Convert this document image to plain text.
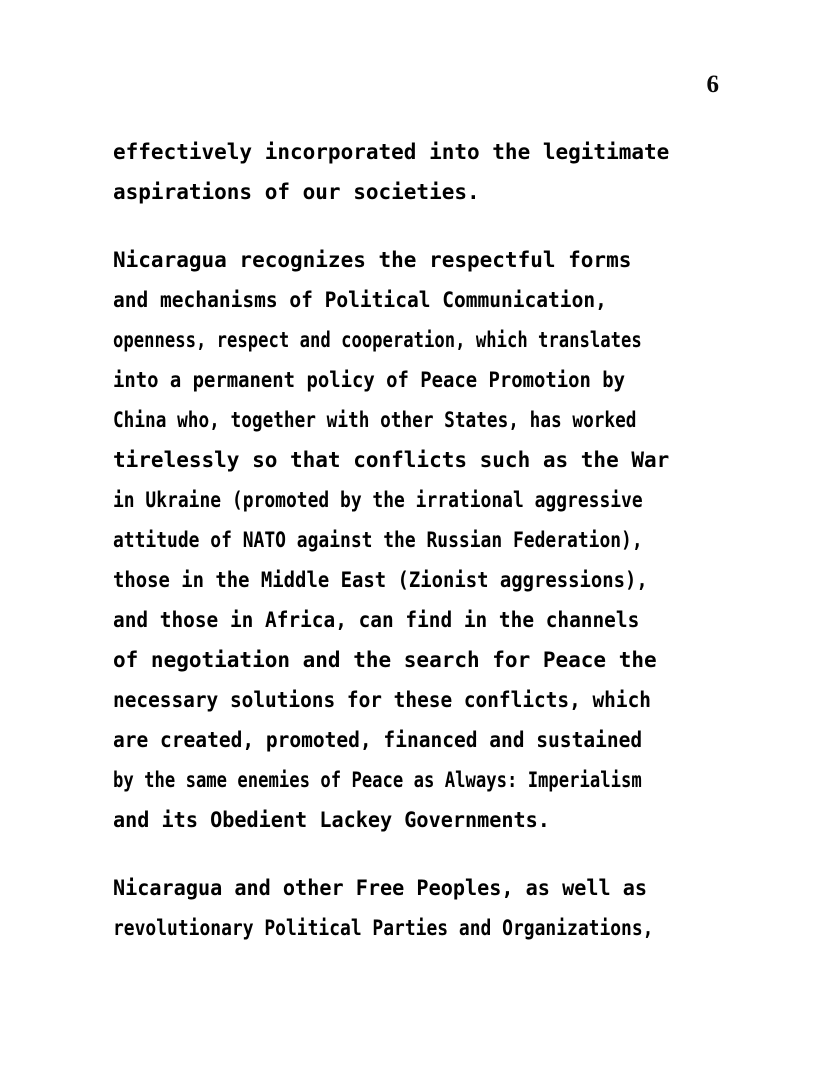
6
effectively incorporated into the legitimate
aspirations of our societies.
Nicaragua recognizes the respectful forms
and mechanisms of Political Communication,
openness, respect and cooperation, which translates
into a permanent policy of Peace Promotion by
China who, together with other States, has worked
tirelessly so that conflicts such as the War
in Ukraine (promoted by the irrational aggressive
attitude of NATO against the Russian Federation),
those in the Middle East (Zionist aggressions),
and those in Africa, can find in the channels
of negotiation and the search for Peace the
necessary solutions for these conflicts, which
are created, promoted, financed and sustained
by the same enemies of Peace as Always: Imperialism
and its Obedient Lackey Governments.
Nicaragua and other Free Peoples, as well as
revolutionary Political Parties and Organizations,
